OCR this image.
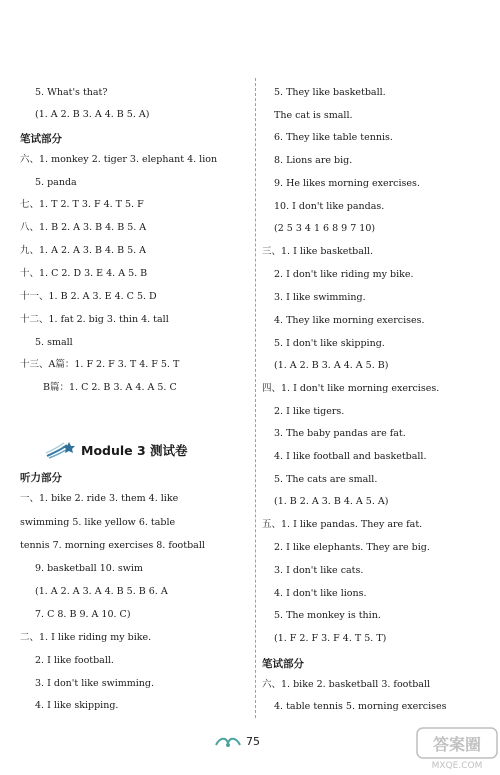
5. What's that?
(1. A 2. B 3. A 4. B 5. A)
笔试部分
六、1. monkey 2. tiger 3. elephant 4. lion
5. panda
七、1. T 2. T 3. F 4. T 5. F
八、1. B 2. A 3. B 4. B 5. A
九、1. A 2. A 3. B 4. B 5. A
十、1. C 2. D 3. E 4. A 5. B
十一、1. B 2. A 3. E 4. C 5. D
十二、1. fat 2. big 3. thin 4. tall
5. small
十三、A篇：1. F 2. F 3. T 4. F 5. T
B篇：1. C 2. B 3. A 4. A 5. C
听力部分
一、1. bike 2. ride 3. them 4. like
swimming 5. like yellow 6. table
tennis 7. morning exercises 8. football
9. basketball 10. swim
(1. A 2. A 3. A 4. B 5. B 6. A
7. C 8. B 9. A 10. C)
二、1. I like riding my bike.
2. I like football.
3. I don't like swimming.
4. I like skipping.
5. They like basketball.
The cat is small.
6. They like table tennis.
8. Lions are big.
9. He likes morning exercises.
10. I don't like pandas.
(2 5 3 4 1 6 8 9 7 10)
三、1. I like basketball.
2. I don't like riding my bike.
3. I like swimming.
4. They like morning exercises.
5. I don't like skipping.
(1. A 2. B 3. A 4. A 5. B)
四、1. I don't like morning exercises.
2. I like tigers.
3. The baby pandas are fat.
4. I like football and basketball.
5. The cats are small.
(1. B 2. A 3. B 4. A 5. A)
五、1. I like pandas. They are fat.
2. I like elephants. They are big.
3. I don't like cats.
4. I don't like lions.
5. The monkey is thin.
(1. F 2. F 3. F 4. T 5. T)
笔试部分
六、1. bike 2. basketball 3. football
4. table tennis 5. morning exercises
Module 3 测试卷
75	答案圈
MXQE.COM
